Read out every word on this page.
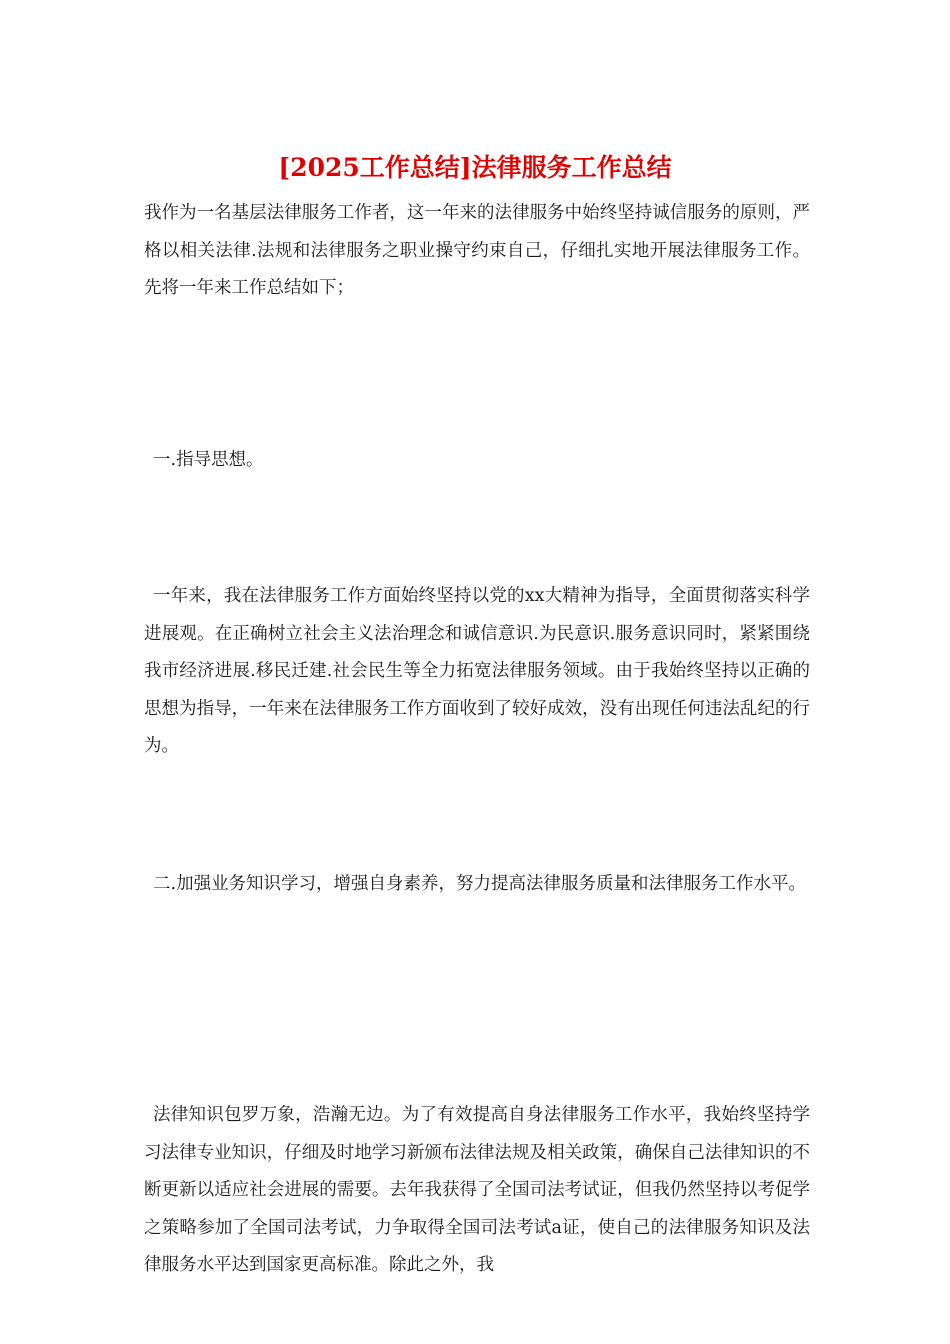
[2025工作总结]法律服务工作总结

我作为一名基层法律服务工作者，这一年来的法律服务中始终坚持诚信服务的原则，严格以相关法律.法规和法律服务之职业操守约束自己，仔细扎实地开展法律服务工作。先将一年来工作总结如下；

一.指导思想。

一年来，我在法律服务工作方面始终坚持以党的xx大精神为指导，全面贯彻落实科学进展观。在正确树立社会主义法治理念和诚信意识.为民意识.服务意识同时，紧紧围绕我市经济进展.移民迁建.社会民生等全力拓宽法律服务领域。由于我始终坚持以正确的思想为指导，一年来在法律服务工作方面收到了较好成效，没有出现任何违法乱纪的行为。

二.加强业务知识学习，增强自身素养，努力提高法律服务质量和法律服务工作水平。

法律知识包罗万象，浩瀚无边。为了有效提高自身法律服务工作水平，我始终坚持学习法律专业知识，仔细及时地学习新颁布法律法规及相关政策，确保自己法律知识的不断更新以适应社会进展的需要。去年我获得了全国司法考试证，但我仍然坚持以考促学之策略参加了全国司法考试，力争取得全国司法考试a证，使自己的法律服务知识及法律服务水平达到国家更高标准。除此之外，我
